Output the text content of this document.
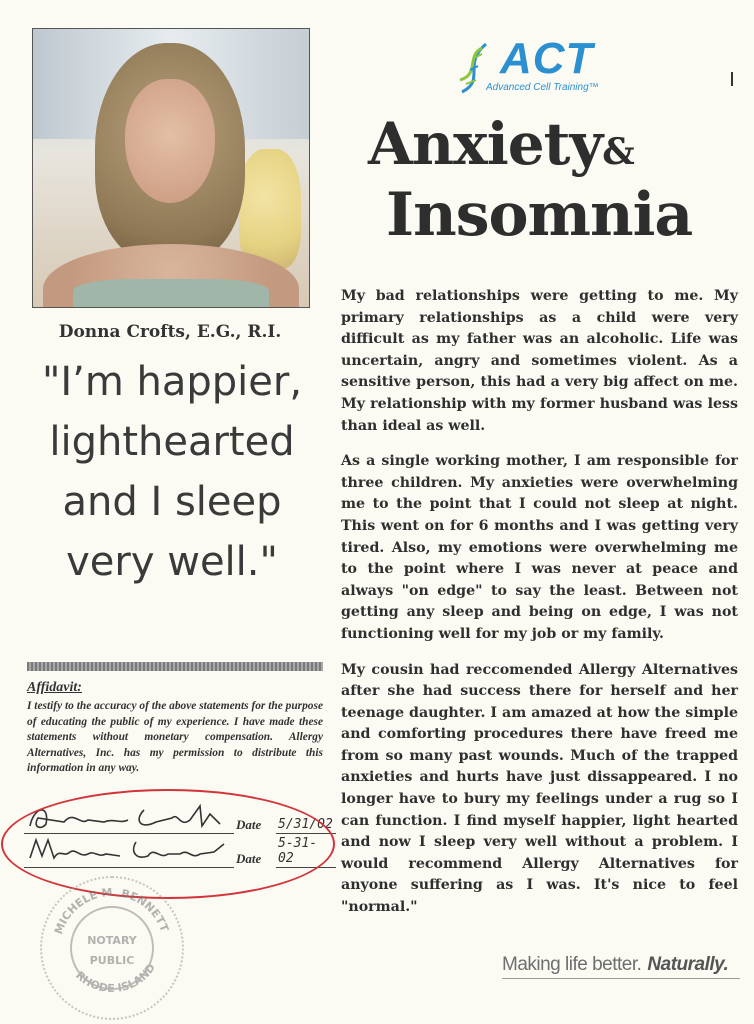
ACT
Advanced Cell Training™
Anxiety&
Insomnia
Donna Crofts, E.G., R.I.
"I’m happier, lighthearted and I sleep very well."
Affidavit:
I testify to the accuracy of the above statements for the purpose of educating the public of my experience. I have made these statements without monetary compensation. Allergy Alternatives, Inc. has my permission to distribute this information in any way.
Date 5/31/02
Date
5-31-02
MICHELE M. BENNETT
RHODE ISLAND
NOTARY
PUBLIC

My bad relationships were getting to me. My primary relationships as a child were very difficult as my father was an alcoholic. Life was uncertain, angry and sometimes violent. As a sensitive person, this had a very big affect on me. My relationship with my former husband was less than ideal as well.

As a single working mother, I am responsible for three children. My anxieties were overwhelming me to the point that I could not sleep at night. This went on for 6 months and I was getting very tired. Also, my emotions were overwhelming me to the point where I was never at peace and always "on edge" to say the least. Between not getting any sleep and being on edge, I was not functioning well for my job or my family.

My cousin had reccomended Allergy Alternatives after she had success there for herself and her teenage daughter. I am amazed at how the simple and comforting procedures there have freed me from so many past wounds. Much of the trapped anxieties and hurts have just dissappeared. I no longer have to bury my feelings under a rug so I can function. I find myself happier, light hearted and now I sleep very well without a problem. I would recommend Allergy Alternatives for anyone suffering as I was. It's nice to feel "normal."

Making life better. Naturally.
